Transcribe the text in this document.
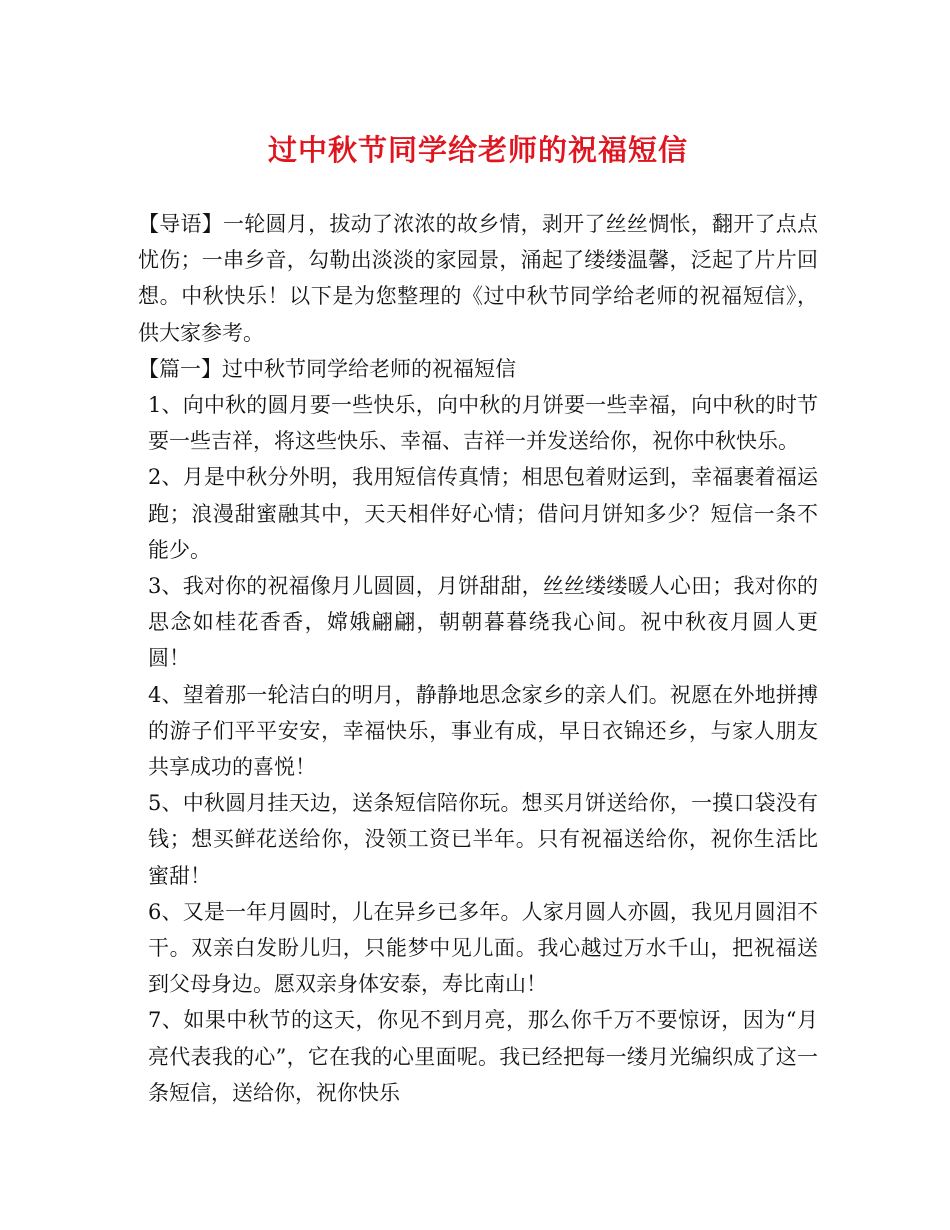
过中秋节同学给老师的祝福短信

【导语】一轮圆月，拔动了浓浓的故乡情，剥开了丝丝惆怅，翻开了点点忧伤；一串乡音，勾勒出淡淡的家园景，涌起了缕缕温馨，泛起了片片回想。中秋快乐！以下是为您整理的《过中秋节同学给老师的祝福短信》，供大家参考。

【篇一】过中秋节同学给老师的祝福短信

1、向中秋的圆月要一些快乐，向中秋的月饼要一些幸福，向中秋的时节要一些吉祥，将这些快乐、幸福、吉祥一并发送给你，祝你中秋快乐。

2、月是中秋分外明，我用短信传真情；相思包着财运到，幸福裹着福运跑；浪漫甜蜜融其中，天天相伴好心情；借问月饼知多少？短信一条不能少。

3、我对你的祝福像月儿圆圆，月饼甜甜，丝丝缕缕暖人心田；我对你的思念如桂花香香，嫦娥翩翩，朝朝暮暮绕我心间。祝中秋夜月圆人更圆！

4、望着那一轮洁白的明月，静静地思念家乡的亲人们。祝愿在外地拼搏的游子们平平安安，幸福快乐，事业有成，早日衣锦还乡，与家人朋友共享成功的喜悦！

5、中秋圆月挂天边，送条短信陪你玩。想买月饼送给你，一摸口袋没有钱；想买鲜花送给你，没领工资已半年。只有祝福送给你，祝你生活比蜜甜！

6、又是一年月圆时，儿在异乡已多年。人家月圆人亦圆，我见月圆泪不干。双亲白发盼儿归，只能梦中见儿面。我心越过万水千山，把祝福送到父母身边。愿双亲身体安泰，寿比南山！

7、如果中秋节的这天，你见不到月亮，那么你千万不要惊讶，因为“月亮代表我的心”，它在我的心里面呢。我已经把每一缕月光编织成了这一条短信，送给你，祝你快乐
